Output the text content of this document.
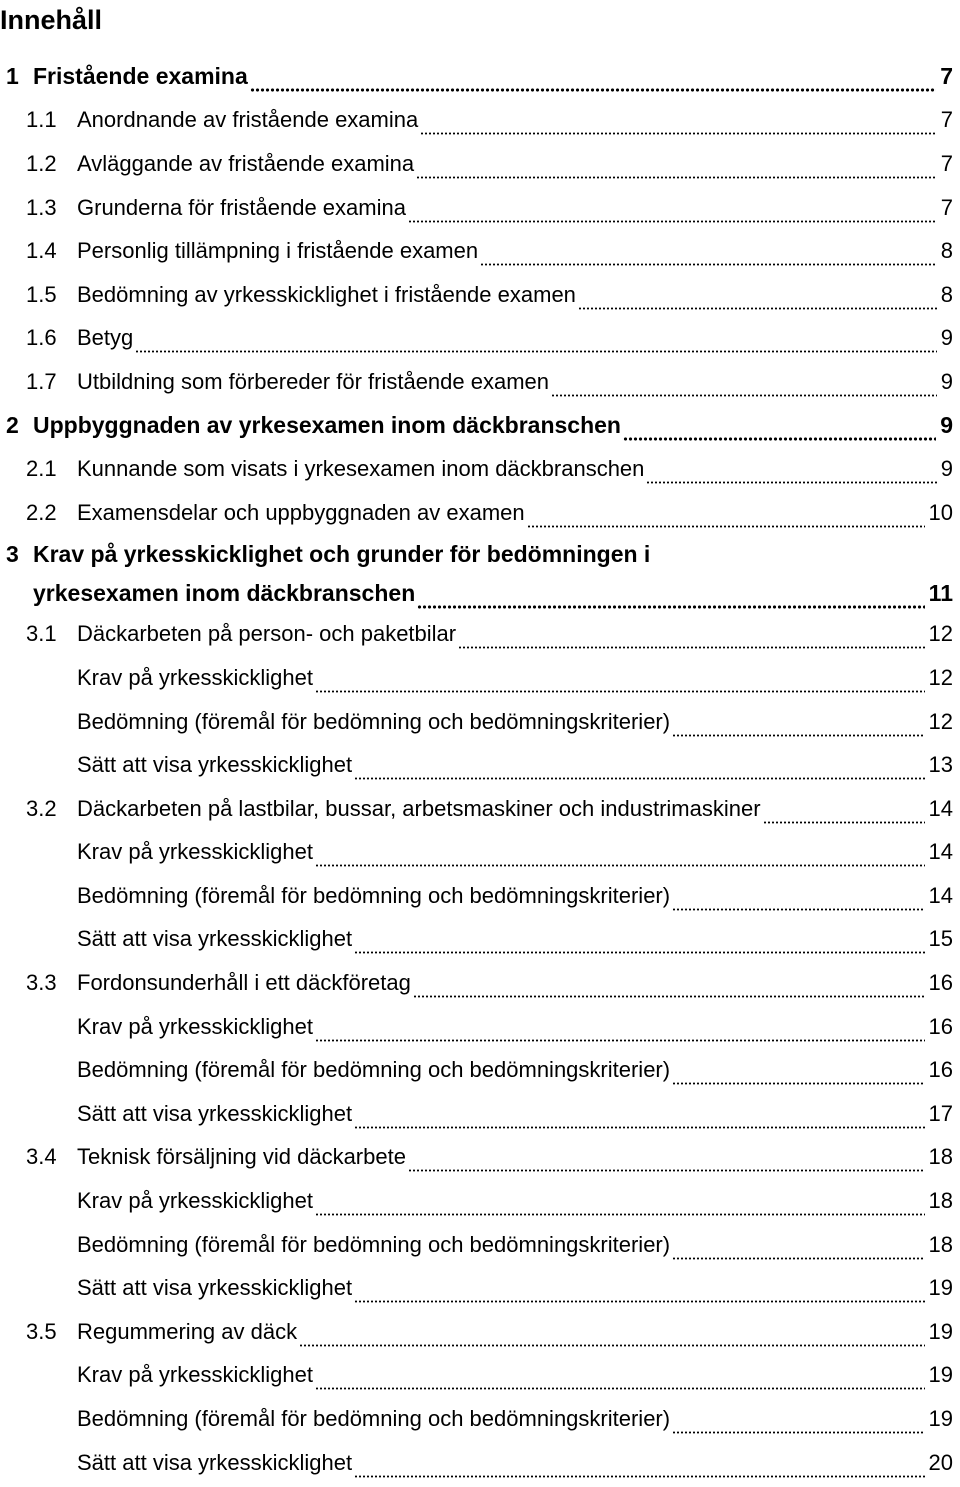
Innehåll
1 Fristående examina	7
1.1 Anordnande av fristående examina	7
1.2 Avläggande av fristående examina	7
1.3 Grunderna för fristående examina	7
1.4 Personlig tillämpning i fristående examen	8
1.5 Bedömning av yrkesskicklighet i fristående examen	8
1.6 Betyg	9
1.7 Utbildning som förbereder för fristående examen	9
2 Uppbyggnaden av yrkesexamen inom däckbranschen	9
2.1 Kunnande som visats i yrkesexamen inom däckbranschen	9
2.2 Examensdelar och uppbyggnaden av examen	10
3 Krav på yrkesskicklighet och grunder för bedömningen i
yrkesexamen inom däckbranschen	11
3.1 Däckarbeten på person- och paketbilar	12
Krav på yrkesskicklighet	12
Bedömning (föremål för bedömning och bedömningskriterier)	12
Sätt att visa yrkesskicklighet	13
3.2 Däckarbeten på lastbilar, bussar, arbetsmaskiner och industrimaskiner	14
Krav på yrkesskicklighet	14
Bedömning (föremål för bedömning och bedömningskriterier)	14
Sätt att visa yrkesskicklighet	15
3.3 Fordonsunderhåll i ett däckföretag	16
Krav på yrkesskicklighet	16
Bedömning (föremål för bedömning och bedömningskriterier)	16
Sätt att visa yrkesskicklighet	17
3.4 Teknisk försäljning vid däckarbete	18
Krav på yrkesskicklighet	18
Bedömning (föremål för bedömning och bedömningskriterier)	18
Sätt att visa yrkesskicklighet	19
3.5 Regummering av däck	19
Krav på yrkesskicklighet	19
Bedömning (föremål för bedömning och bedömningskriterier)	19
Sätt att visa yrkesskicklighet	20
